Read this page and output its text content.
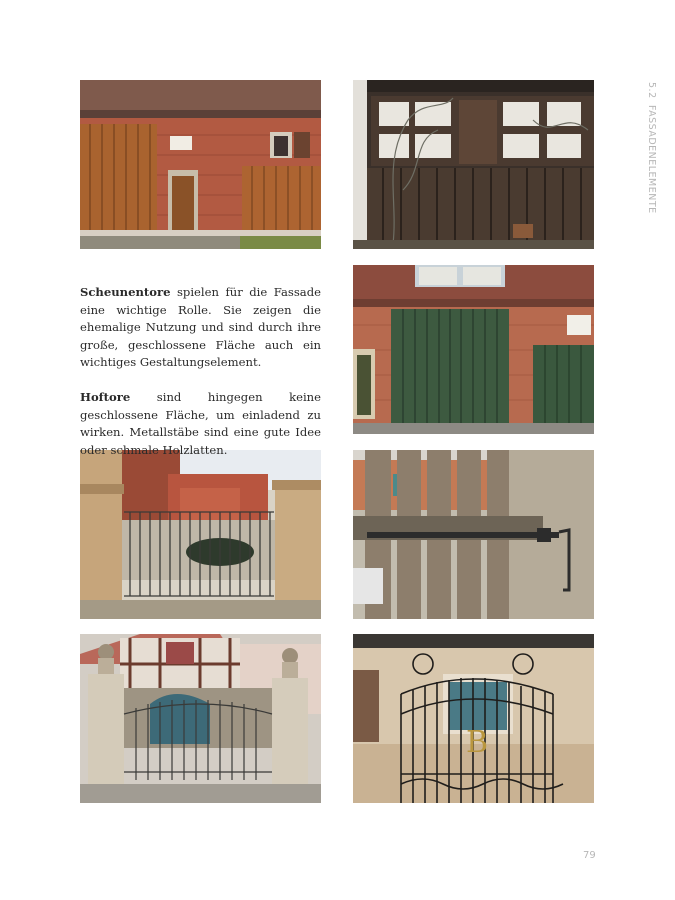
B

Scheunentore spielen für die Fassade eine wichtige Rolle. Sie zeigen die ehemalige Nutzung und sind durch ihre große, geschlossene Fläche auch ein wichtiges Gestaltungselement.

Hoftore sind hingegen keine geschlossene Fläche, um einladend zu wirken. Metallstäbe sind eine gute Idee oder schmale Holzlatten.

5.2FASSADENELEMENTE
79
